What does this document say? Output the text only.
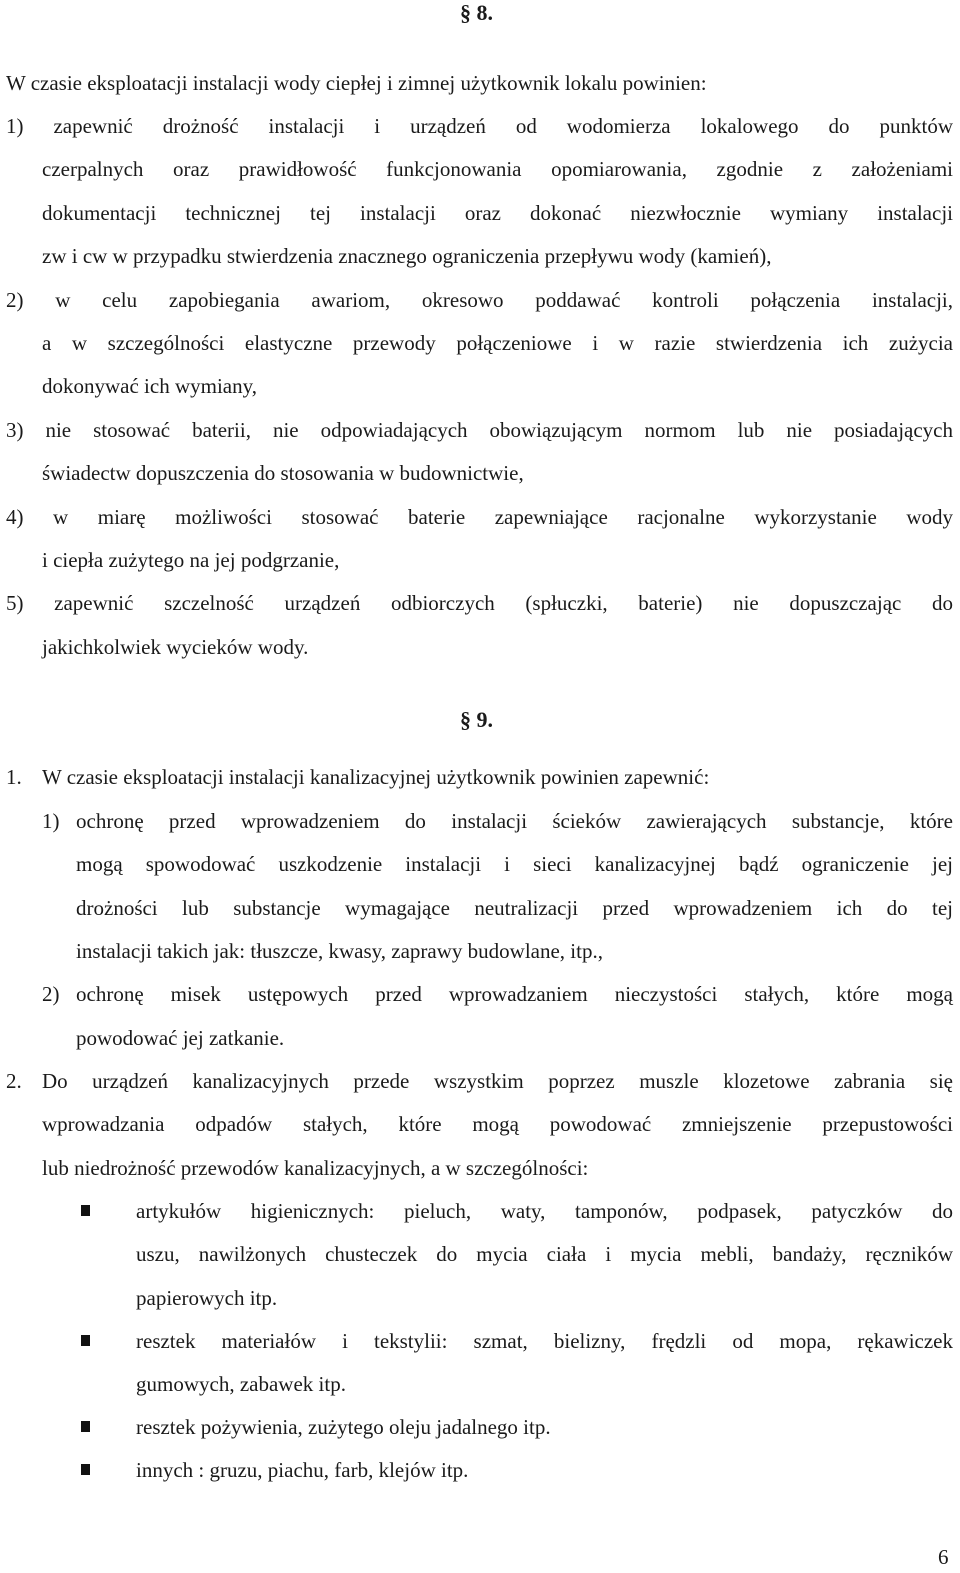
§ 8.
W czasie eksploatacji instalacji wody ciepłej i zimnej użytkownik lokalu powinien:
1) zapewnić drożność instalacji i urządzeń od wodomierza lokalowego do punktów
czerpalnych oraz prawidłowość funkcjonowania opomiarowania, zgodnie z założeniami
dokumentacji technicznej tej instalacji oraz dokonać niezwłocznie wymiany instalacji
zw i cw w przypadku stwierdzenia znacznego ograniczenia przepływu wody (kamień),
2) w celu zapobiegania awariom, okresowo poddawać kontroli połączenia instalacji,
a w szczególności elastyczne przewody połączeniowe i w razie stwierdzenia ich zużycia
dokonywać ich wymiany,
3) nie stosować baterii, nie odpowiadających obowiązującym normom lub nie posiadających
świadectw dopuszczenia do stosowania w budownictwie,
4) w miarę możliwości stosować baterie zapewniające racjonalne wykorzystanie wody
i ciepła zużytego na jej podgrzanie,
5) zapewnić szczelność urządzeń odbiorczych (spłuczki, baterie) nie dopuszczając do
jakichkolwiek wycieków wody.
§ 9.
1. W czasie eksploatacji instalacji kanalizacyjnej użytkownik powinien zapewnić:
1) ochronę przed wprowadzeniem do instalacji ścieków zawierających substancje, które
mogą spowodować uszkodzenie instalacji i sieci kanalizacyjnej bądź ograniczenie jej
drożności lub substancje wymagające neutralizacji przed wprowadzeniem ich do tej
instalacji takich jak: tłuszcze, kwasy, zaprawy budowlane, itp.,
2) ochronę misek ustępowych przed wprowadzaniem nieczystości stałych, które mogą
powodować jej zatkanie.
2. Do urządzeń kanalizacyjnych przede wszystkim poprzez muszle klozetowe zabrania się
wprowadzania odpadów stałych, które mogą powodować zmniejszenie przepustowości
lub niedrożność przewodów kanalizacyjnych, a w szczególności:
artykułów higienicznych: pieluch, waty, tamponów, podpasek, patyczków do
uszu, nawilżonych chusteczek do mycia ciała i mycia mebli, bandaży, ręczników
papierowych itp.
resztek materiałów i tekstylii: szmat, bielizny, frędzli od mopa, rękawiczek
gumowych, zabawek itp.
resztek pożywienia, zużytego oleju jadalnego itp.
innych : gruzu, piachu, farb, klejów itp.
6
